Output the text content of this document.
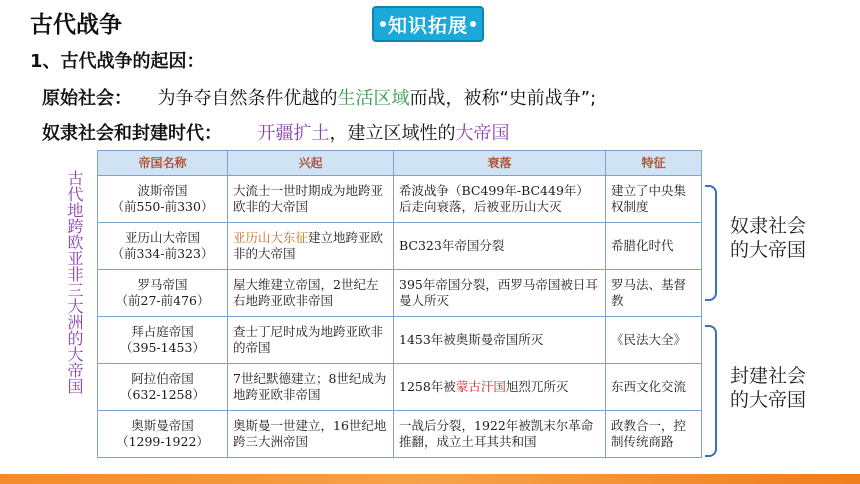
古代战争	知识拓展
1、古代战争的起因：
原始社会： 为争夺自然条件优越的生活区域而战，被称“史前战争”;
奴隶社会和封建时代： 开疆扩土，建立区域性的大帝国
古代地跨欧亚非三大洲的大帝国
帝国名称	兴起	衰落	特征

波斯帝国
（前550-前330）	大流士一世时期成为地跨亚欧非的大帝国	希波战争（BC499年-BC449年）后走向衰落，后被亚历山大灭	建立了中央集权制度

亚历山大帝国
（前334-前323）	亚历山大东征建立地跨亚欧非的大帝国	BC323年帝国分裂	希腊化时代

罗马帝国
（前27-前476）	屋大维建立帝国，2世纪左右地跨亚欧非帝国	395年帝国分裂，西罗马帝国被日耳曼人所灭	罗马法、基督教

拜占庭帝国
（395-1453）	查士丁尼时成为地跨亚欧非的帝国	1453年被奥斯曼帝国所灭	《民法大全》

阿拉伯帝国
（632-1258）	7世纪默德建立；8世纪成为地跨亚欧非帝国	1258年被蒙古汗国旭烈兀所灭	东西文化交流

奥斯曼帝国
（1299-1922）	奥斯曼一世建立，16世纪地跨三大洲帝国	一战后分裂，1922年被凯末尔革命推翻，成立土耳其共和国	政教合一，控制传统商路
奴隶社会的大帝国
封建社会的大帝国
